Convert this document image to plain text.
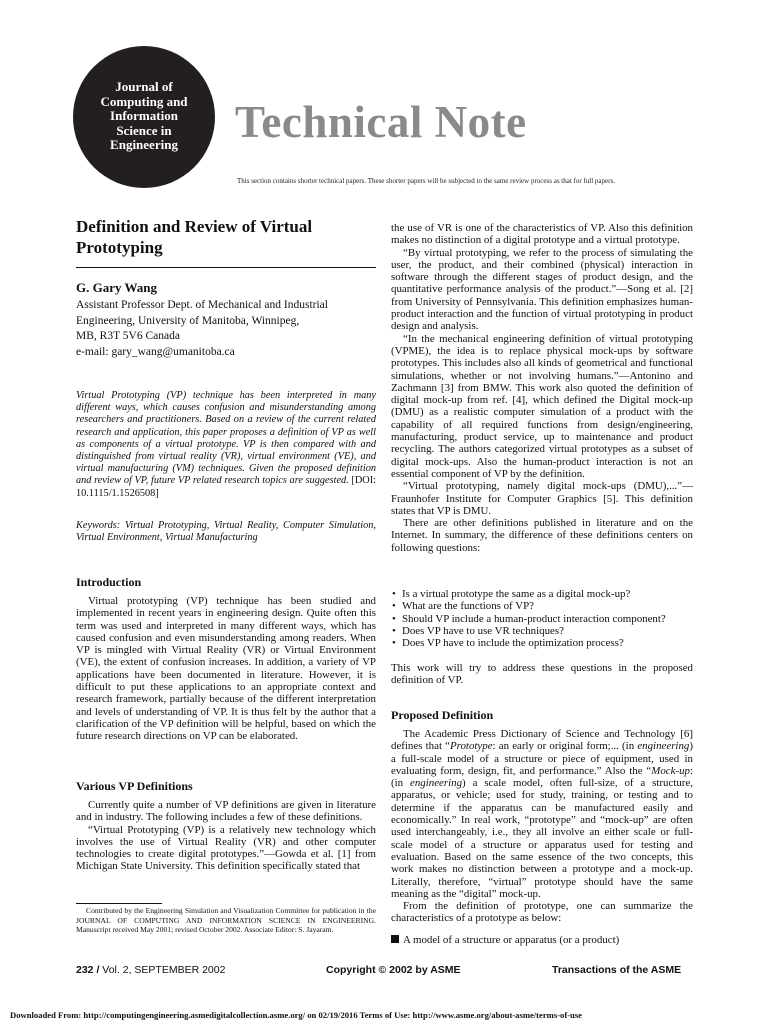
Journal of
Computing and
Information
Science in
Engineering	Technical Note
This section contains shorter technical papers. These shorter papers will be subjected to the same review process as that for full papers.
Definition and Review of Virtual Prototyping
G. Gary Wang
Assistant Professor Dept. of Mechanical and Industrial
Engineering, University of Manitoba, Winnipeg,
MB, R3T 5V6 Canada
e-mail: gary_wang@umanitoba.ca
Virtual Prototyping (VP) technique has been interpreted in many different ways, which causes confusion and misunderstanding among researchers and practitioners. Based on a review of the current related research and application, this paper proposes a definition of VP as well as components of a virtual prototype. VP is then compared with and distinguished from virtual reality (VR), virtual environment (VE), and virtual manufacturing (VM) techniques. Given the proposed definition and review of VP, future VP related research topics are suggested. [DOI: 10.1115/1.1526508]
Keywords: Virtual Prototyping, Virtual Reality, Computer Simulation, Virtual Environment, Virtual Manufacturing
Introduction

Virtual prototyping (VP) technique has been studied and implemented in recent years in engineering design. Quite often this term was used and interpreted in many different ways, which has caused confusion and even misunderstanding among readers. When VP is mingled with Virtual Reality (VR) or Virtual Environment (VE), the extent of confusion increases. In addition, a variety of VP applications have been documented in literature. However, it is difficult to put these applications to an appropriate context and research framework, partially because of the different interpretation and levels of understanding of VP. It is thus felt by the author that a clarification of the VP definition will be helpful, based on which the future research directions on VP can be elaborated.

Various VP Definitions

Currently quite a number of VP definitions are given in literature and in industry. The following includes a few of these definitions.

“Virtual Prototyping (VP) is a relatively new technology which involves the use of Virtual Reality (VR) and other computer technologies to create digital prototypes.”—Gowda et al. [1] from Michigan State University. This definition specifically stated that

Contributed by the Engineering Simulation and Visualization Committee for publication in the JOURNAL OF COMPUTING AND INFORMATION SCIENCE IN ENGINEERING. Manuscript received May 2001; revised October 2002. Associate Editor: S. Jayaram.

the use of VR is one of the characteristics of VP. Also this definition makes no distinction of a digital prototype and a virtual prototype.

“By virtual prototyping, we refer to the process of simulating the user, the product, and their combined (physical) interaction in software through the different stages of product design, and the quantitative performance analysis of the product.”—Song et al. [2] from University of Pennsylvania. This definition emphasizes human-product interaction and the function of virtual prototyping in product design and analysis.

“In the mechanical engineering definition of virtual prototyping (VPME), the idea is to replace physical mock-ups by software prototypes. This includes also all kinds of geometrical and functional simulations, whether or not involving humans.”—Antonino and Zachmann [3] from BMW. This work also quoted the definition of digital mock-up from ref. [4], which defined the Digital mock-up (DMU) as a realistic computer simulation of a product with the capability of all required functions from design/engineering, manufacturing, product service, up to maintenance and product recycling. The authors categorized virtual prototypes as a subset of digital mock-ups. Also the human-product interaction is not an essential component of VP by the definition.

“Virtual prototyping, namely digital mock-ups (DMU),...”—Fraunhofer Institute for Computer Graphics [5]. This definition states that VP is DMU.

There are other definitions published in literature and on the Internet. In summary, the difference of these definitions centers on following questions:

• Is a virtual prototype the same as a digital mock-up?
• What are the functions of VP?
• Should VP include a human-product interaction component?
• Does VP have to use VR techniques?
• Does VP have to include the optimization process?

This work will try to address these questions in the proposed definition of VP.

Proposed Definition

The Academic Press Dictionary of Science and Technology [6] defines that “Prototype: an early or original form;... (in engineering) a full-scale model of a structure or piece of equipment, used in evaluating form, design, fit, and performance.” Also the “Mock-up: (in engineering) a scale model, often full-size, of a structure, apparatus, or vehicle; used for study, training, or testing and to determine if the apparatus can be manufactured easily and economically.” In real work, “prototype” and “mock-up” are often used interchangeably, i.e., they all involve an either scale or full-scale model of a structure or apparatus used for testing and evaluation. Based on the same essence of the two concepts, this work makes no distinction between a prototype and a mock-up. Literally, therefore, “virtual” prototype should have the same meaning as the “digital” mock-up.

From the definition of prototype, one can summarize the characteristics of a prototype as below:

A model of a structure or apparatus (or a product)
232 / Vol. 2, SEPTEMBER 2002	Copyright © 2002 by ASME	Transactions of the ASME
Downloaded From: http://computingengineering.asmedigitalcollection.asme.org/ on 02/19/2016 Terms of Use: http://www.asme.org/about-asme/terms-of-use
